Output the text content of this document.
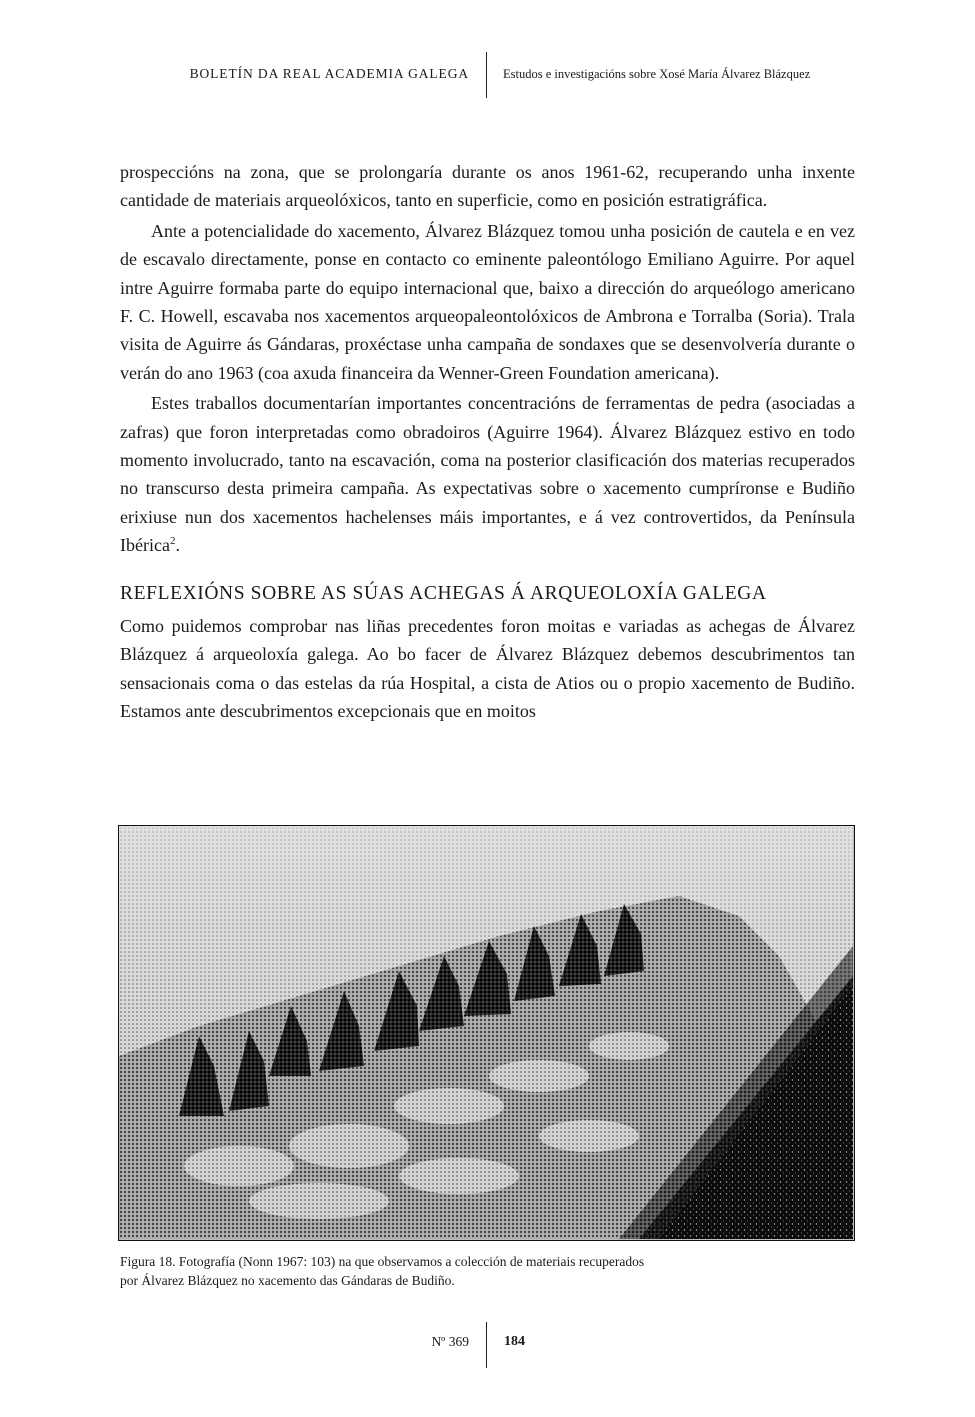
BOLETÍN DA REAL ACADEMIA GALEGA	Estudos e investigacións sobre Xosé María Álvarez Blázquez

prospeccións na zona, que se prolongaría durante os anos 1961-62, recuperando unha inxente cantidade de materiais arqueolóxicos, tanto en superficie, como en posición estratigráfica.

Ante a potencialidade do xacemento, Álvarez Blázquez tomou unha posición de cautela e en vez de escavalo directamente, ponse en contacto co eminente paleontólogo Emiliano Aguirre. Por aquel intre Aguirre formaba parte do equipo internacional que, baixo a dirección do arqueólogo americano F. C. Howell, escavaba nos xacementos arqueopaleontolóxicos de Ambrona e Torralba (Soria). Trala visita de Aguirre ás Gándaras, proxéctase unha campaña de sondaxes que se desenvolvería durante o verán do ano 1963 (coa axuda financeira da Wenner-Green Foundation americana).

Estes traballos documentarían importantes concentracións de ferramentas de pedra (asociadas a zafras) que foron interpretadas como obradoiros (Aguirre 1964). Álvarez Blázquez estivo en todo momento involucrado, tanto na escavación, coma na posterior clasificación dos materias recuperados no transcurso desta primeira campaña. As expectativas sobre o xacemento cumpríronse e Budiño erixiuse nun dos xacementos hachelenses máis importantes, e á vez controvertidos, da Península Ibérica$^2$.

REFLEXIÓNS SOBRE AS SÚAS ACHEGAS Á ARQUEOLOXÍA GALEGA

Como puidemos comprobar nas liñas precedentes foron moitas e variadas as achegas de Álvarez Blázquez á arqueoloxía galega. Ao bo facer de Álvarez Blázquez debemos descubrimentos tan sensacionais coma o das estelas da rúa Hospital, a cista de Atios ou o propio xacemento de Budiño. Estamos ante descubrimentos excepcionais que en moitos

Figura 18. Fotografía (Nonn 1967: 103) na que observamos a colección de materiais recuperados
por Álvarez Blázquez no xacemento das Gándaras de Budiño.
Nº 369	184
